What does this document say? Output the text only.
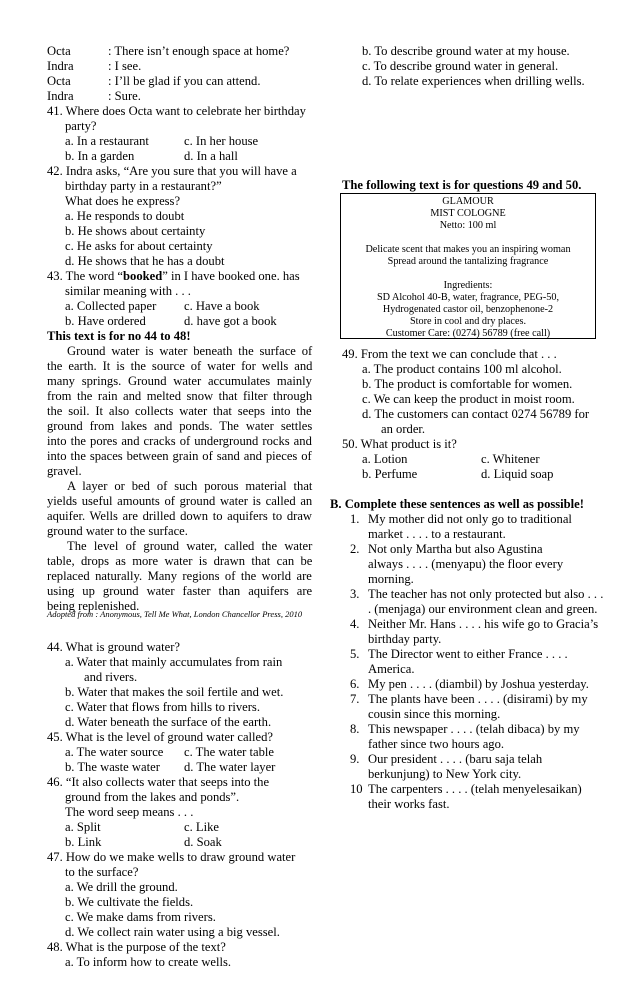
Octa	: There isn’t enough space at home?
Indra	: I see.
Octa	: I’ll be glad if you can attend.
Indra	: Sure.
41. Where does Octa want to celebrate her birthday
party?
a. In a restaurant	c. In her house
b. In a garden	d. In a hall
42. Indra asks, “Are you sure that you will have a
birthday party in a restaurant?”
What does he express?
a. He responds to doubt
b. He shows about certainty
c. He asks for about certainty
d. He shows that he has a doubt
43. The word “booked” in I have booked one. has
similar meaning with . . .
a. Collected paper c. Have a book
b. Have ordered	d. have got a book
This text is for no 44 to 48!
Ground water is water beneath the surface of
the earth. It is the source of water for wells and
many springs. Ground water accumulates mainly
from the rain and melted snow that filter through
the soil. It also collects water that seeps into the
ground from lakes and ponds. The water settles
into the pores and cracks of underground rocks and
into the spaces between grain of sand and pieces of
gravel.
A layer or bed of such porous material that
yields useful amounts of ground water is called an
aquifer. Wells are drilled down to aquifers to draw
ground water to the surface.
The level of ground water, called the water
table, drops as more water is drawn that can be
replaced naturally. Many regions of the world are
using up ground water faster than aquifers are
being replenished.
Adopted from : Anonymous, Tell Me What, London Chancellor Press, 2010
44. What is ground water?
a. Water that mainly accumulates from rain
and rivers.
b. Water that makes the soil fertile and wet.
c. Water that flows from hills to rivers.
d. Water beneath the surface of the earth.
45. What is the level of ground water called?
a. The water source c. The water table
b. The waste water d. The water layer
46. “It also collects water that seeps into the
ground from the lakes and ponds”.
The word seep means . . .
a. Split	c. Like
b. Link	d. Soak
47. How do we make wells to draw ground water
to the surface?
a. We drill the ground.
b. We cultivate the fields.
c. We make dams from rivers.
d. We collect rain water using a big vessel.
48. What is the purpose of the text?
a. To inform how to create wells.
b. To describe ground water at my house.
c. To describe ground water in general.
d. To relate experiences when drilling wells.
The following text is for questions 49 and 50.
GLAMOUR
MIST COLOGNE
Netto: 100 ml
Delicate scent that makes you an inspiring woman
Spread around the tantalizing fragrance
Ingredients:
SD Alcohol 40-B, water, fragrance, PEG-50,
Hydrogenated castor oil, benzophenone-2
Store in cool and dry places.
Customer Care: (0274) 56789 (free call)
49. From the text we can conclude that . . .
a. The product contains 100 ml alcohol.
b. The product is comfortable for women.
c. We can keep the product in moist room.
d. The customers can contact 0274 56789 for
an order.
50. What product is it?
a. Lotion	c. Whitener
b. Perfume	d. Liquid soap
B. Complete these sentences as well as possible!
1. My mother did not only go to traditional
market . . . . to a restaurant.
2. Not only Martha but also Agustina
always . . . . (menyapu) the floor every
morning.
3. The teacher has not only protected but also . . .
. (menjaga) our environment clean and green.
4. Neither Mr. Hans . . . . his wife go to Gracia’s
birthday party.
5. The Director went to either France . . . .
America.
6. My pen . . . . (diambil) by Joshua yesterday.
7. The plants have been . . . . (disirami) by my
cousin since this morning.
8. This newspaper . . . . (telah dibaca) by my
father since two hours ago.
9. Our president . . . . (baru saja telah
berkunjung) to New York city.
10 The carpenters . . . . (telah menyelesaikan)
their works fast.
